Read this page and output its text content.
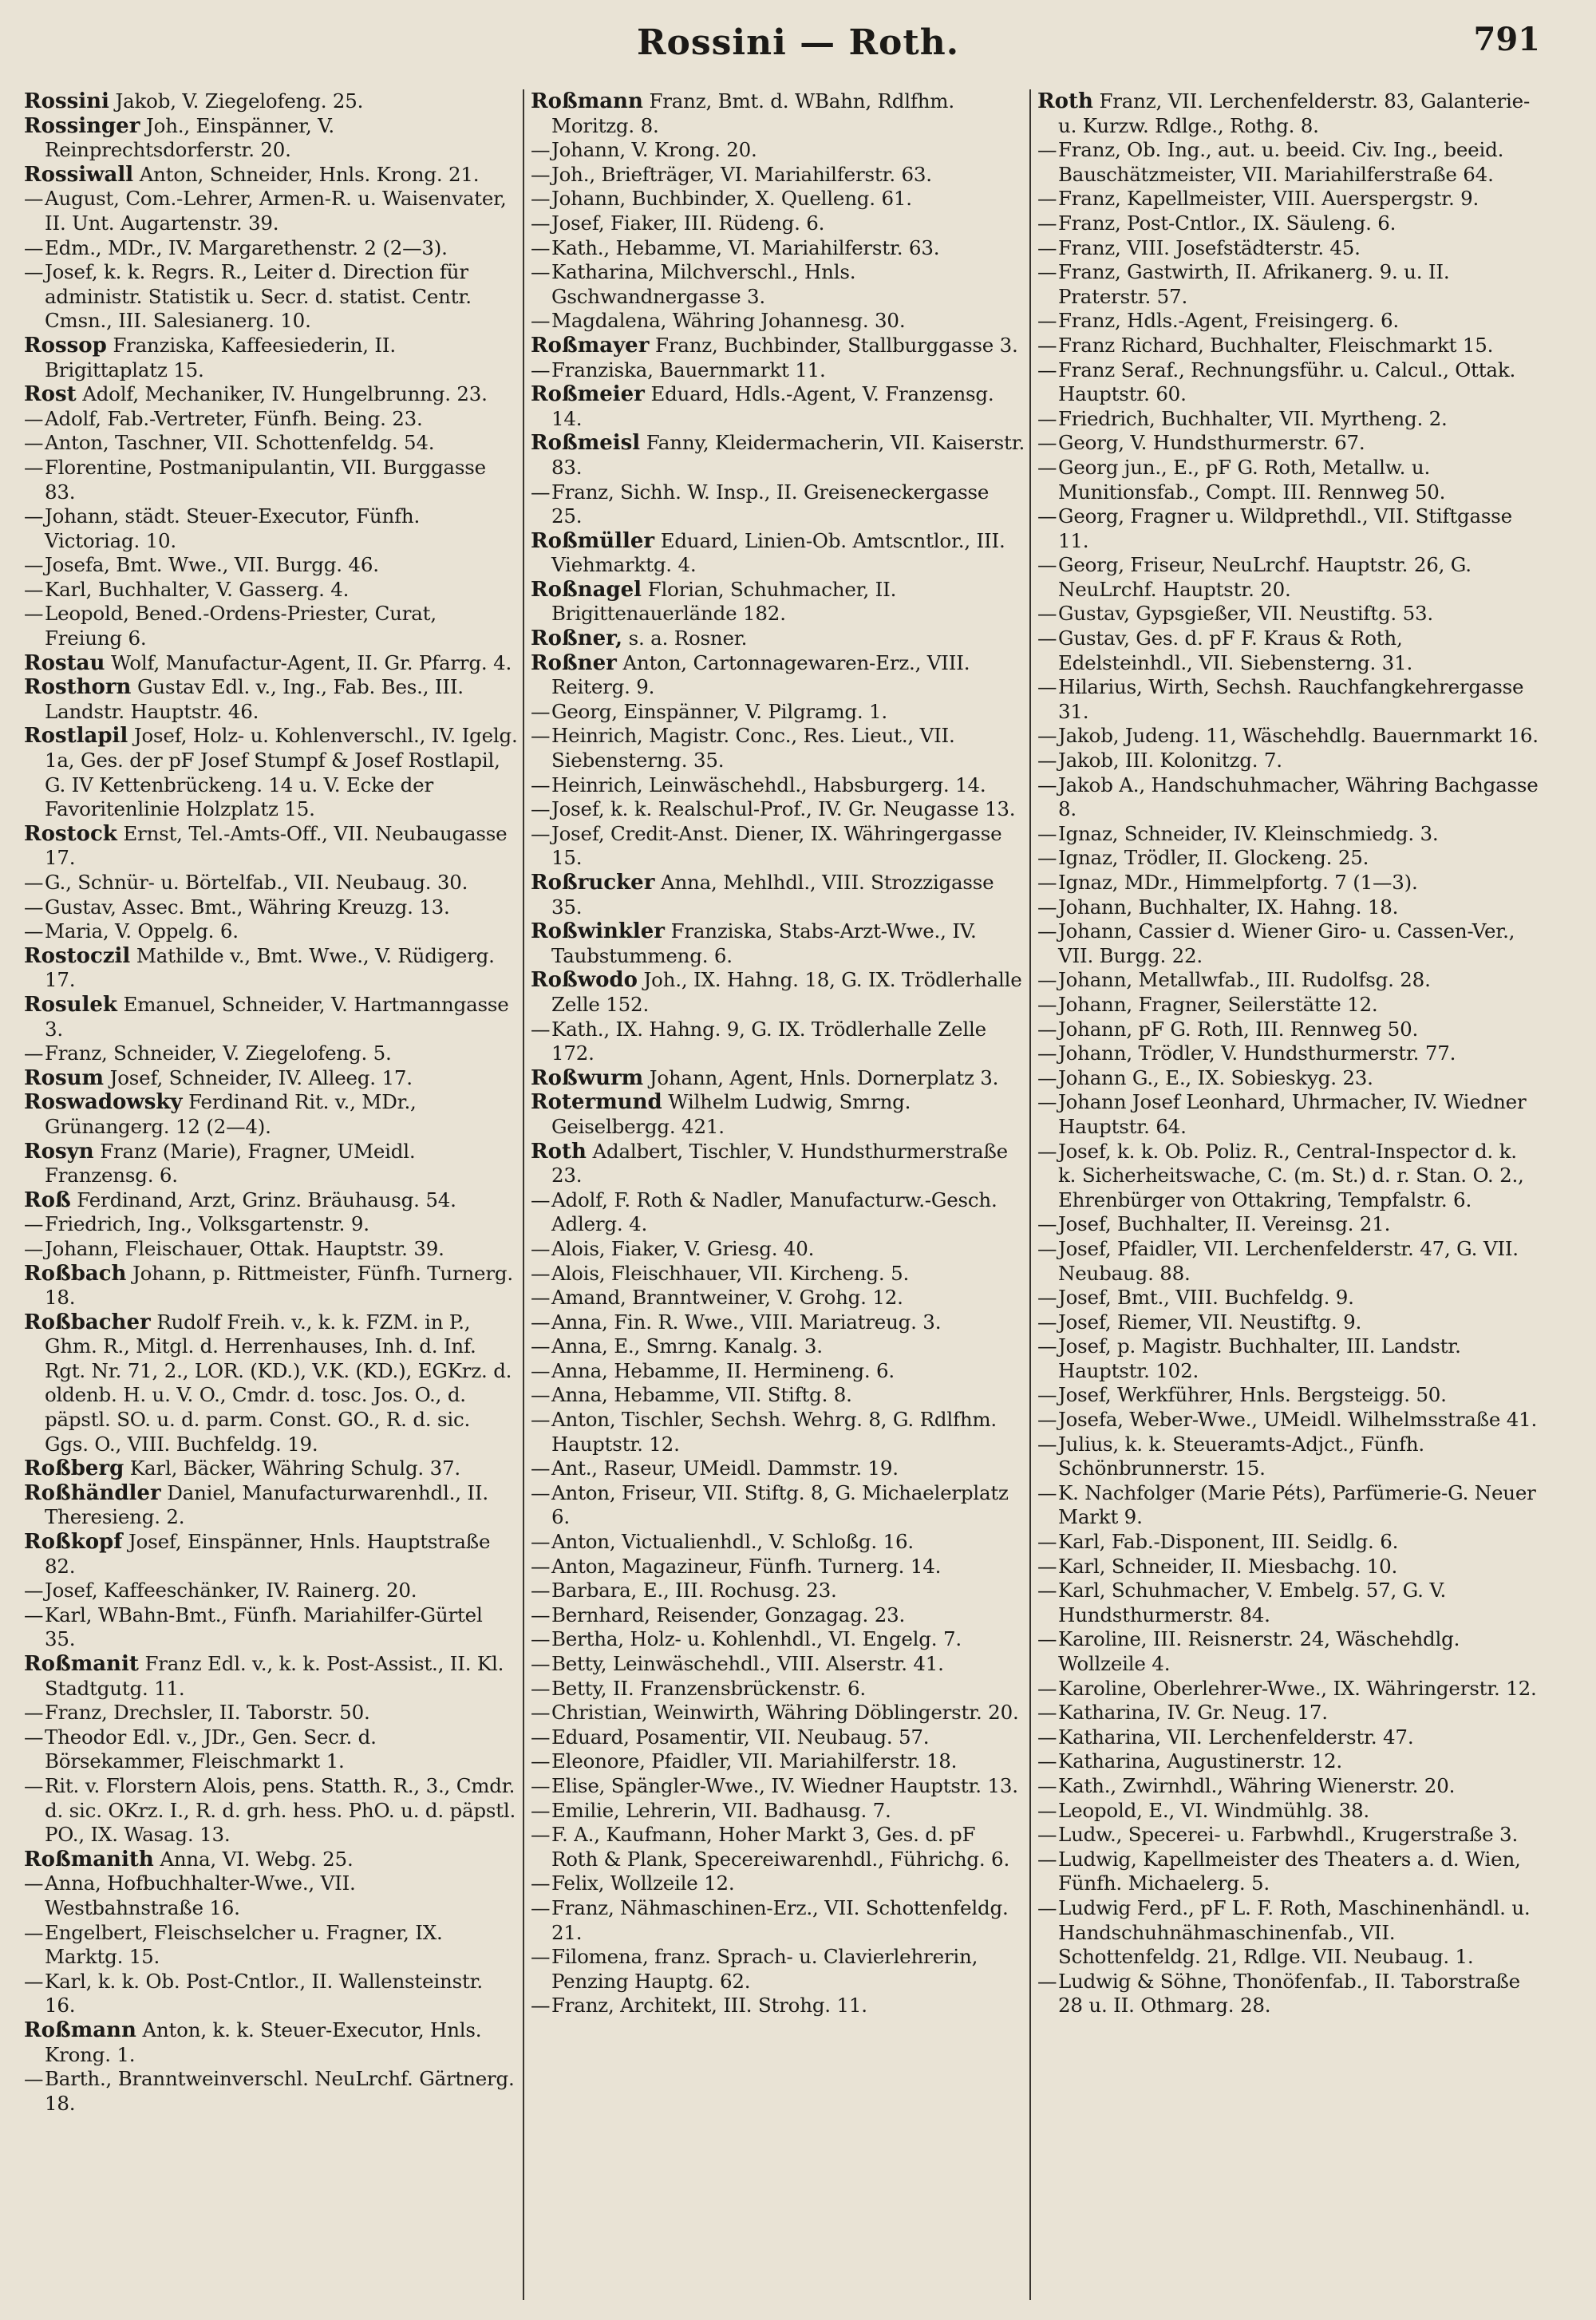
Rossini — Roth.	791

Rossini Jakob, V. Ziegelofeng. 25.

Rossinger Joh., Einspänner, V. Reinprechtsdorferstr. 20.

Rossiwall Anton, Schneider, Hnls. Krong. 21.

—August, Com.-Lehrer, Armen-R. u. Waisenvater, II. Unt. Augartenstr. 39.

—Edm., MDr., IV. Margarethenstr. 2 (2—3).

—Josef, k. k. Regrs. R., Leiter d. Direction für administr. Statistik u. Secr. d. statist. Centr. Cmsn., III. Salesianerg. 10.

Rossop Franziska, Kaffeesiederin, II. Brigittaplatz 15.

Rost Adolf, Mechaniker, IV. Hungelbrunng. 23.

—Adolf, Fab.-Vertreter, Fünfh. Being. 23.

—Anton, Taschner, VII. Schottenfeldg. 54.

—Florentine, Postmanipulantin, VII. Burggasse 83.

—Johann, städt. Steuer-Executor, Fünfh. Victoriag. 10.

—Josefa, Bmt. Wwe., VII. Burgg. 46.

—Karl, Buchhalter, V. Gasserg. 4.

—Leopold, Bened.-Ordens-Priester, Curat, Freiung 6.

Rostau Wolf, Manufactur-Agent, II. Gr. Pfarrg. 4.

Rosthorn Gustav Edl. v., Ing., Fab. Bes., III. Landstr. Hauptstr. 46.

Rostlapil Josef, Holz- u. Kohlenverschl., IV. Igelg. 1a, Ges. der pF Josef Stumpf & Josef Rostlapil, G. IV Kettenbrückeng. 14 u. V. Ecke der Favoritenlinie Holzplatz 15.

Rostock Ernst, Tel.-Amts-Off., VII. Neubaugasse 17.

—G., Schnür- u. Börtelfab., VII. Neubaug. 30.

—Gustav, Assec. Bmt., Währing Kreuzg. 13.

—Maria, V. Oppelg. 6.

Rostoczil Mathilde v., Bmt. Wwe., V. Rüdigerg. 17.

Rosulek Emanuel, Schneider, V. Hartmanngasse 3.

—Franz, Schneider, V. Ziegelofeng. 5.

Rosum Josef, Schneider, IV. Alleeg. 17.

Roswadowsky Ferdinand Rit. v., MDr., Grünangerg. 12 (2—4).

Rosyn Franz (Marie), Fragner, UMeidl. Franzensg. 6.

Roß Ferdinand, Arzt, Grinz. Bräuhausg. 54.

—Friedrich, Ing., Volksgartenstr. 9.

—Johann, Fleischauer, Ottak. Hauptstr. 39.

Roßbach Johann, p. Rittmeister, Fünfh. Turnerg. 18.

Roßbacher Rudolf Freih. v., k. k. FZM. in P., Ghm. R., Mitgl. d. Herrenhauses, Inh. d. Inf. Rgt. Nr. 71, 2., LOR. (KD.), V.K. (KD.), EGKrz. d. oldenb. H. u. V. O., Cmdr. d. tosc. Jos. O., d. päpstl. SO. u. d. parm. Const. GO., R. d. sic. Ggs. O., VIII. Buchfeldg. 19.

Roßberg Karl, Bäcker, Währing Schulg. 37.

Roßhändler Daniel, Manufacturwarenhdl., II. Theresieng. 2.

Roßkopf Josef, Einspänner, Hnls. Hauptstraße 82.

—Josef, Kaffeeschänker, IV. Rainerg. 20.

—Karl, WBahn-Bmt., Fünfh. Mariahilfer-Gürtel 35.

Roßmanit Franz Edl. v., k. k. Post-Assist., II. Kl. Stadtgutg. 11.

—Franz, Drechsler, II. Taborstr. 50.

—Theodor Edl. v., JDr., Gen. Secr. d. Börsekammer, Fleischmarkt 1.

—Rit. v. Florstern Alois, pens. Statth. R., 3., Cmdr. d. sic. OKrz. I., R. d. grh. hess. PhO. u. d. päpstl. PO., IX. Wasag. 13.

Roßmanith Anna, VI. Webg. 25.

—Anna, Hofbuchhalter-Wwe., VII. Westbahnstraße 16.

—Engelbert, Fleischselcher u. Fragner, IX. Marktg. 15.

—Karl, k. k. Ob. Post-Cntlor., II. Wallensteinstr. 16.

Roßmann Anton, k. k. Steuer-Executor, Hnls. Krong. 1.

—Barth., Branntweinverschl. NeuLrchf. Gärtnerg. 18.

Roßmann Franz, Bmt. d. WBahn, Rdlfhm. Moritzg. 8.

—Johann, V. Krong. 20.

—Joh., Briefträger, VI. Mariahilferstr. 63.

—Johann, Buchbinder, X. Quelleng. 61.

—Josef, Fiaker, III. Rüdeng. 6.

—Kath., Hebamme, VI. Mariahilferstr. 63.

—Katharina, Milchverschl., Hnls. Gschwandnergasse 3.

—Magdalena, Währing Johannesg. 30.

Roßmayer Franz, Buchbinder, Stallburggasse 3.

—Franziska, Bauernmarkt 11.

Roßmeier Eduard, Hdls.-Agent, V. Franzensg. 14.

Roßmeisl Fanny, Kleidermacherin, VII. Kaiserstr. 83.

—Franz, Sichh. W. Insp., II. Greiseneckergasse 25.

Roßmüller Eduard, Linien-Ob. Amtscntlor., III. Viehmarktg. 4.

Roßnagel Florian, Schuhmacher, II. Brigittenauerlände 182.

Roßner, s. a. Rosner.

Roßner Anton, Cartonnagewaren-Erz., VIII. Reiterg. 9.

—Georg, Einspänner, V. Pilgramg. 1.

—Heinrich, Magistr. Conc., Res. Lieut., VII. Siebensterng. 35.

—Heinrich, Leinwäschehdl., Habsburgerg. 14.

—Josef, k. k. Realschul-Prof., IV. Gr. Neugasse 13.

—Josef, Credit-Anst. Diener, IX. Währingergasse 15.

Roßrucker Anna, Mehlhdl., VIII. Strozzigasse 35.

Roßwinkler Franziska, Stabs-Arzt-Wwe., IV. Taubstummeng. 6.

Roßwodo Joh., IX. Hahng. 18, G. IX. Trödlerhalle Zelle 152.

—Kath., IX. Hahng. 9, G. IX. Trödlerhalle Zelle 172.

Roßwurm Johann, Agent, Hnls. Dornerplatz 3.

Rotermund Wilhelm Ludwig, Smrng. Geiselbergg. 421.

Roth Adalbert, Tischler, V. Hundsthurmerstraße 23.

—Adolf, F. Roth & Nadler, Manufacturw.-Gesch. Adlerg. 4.

—Alois, Fiaker, V. Griesg. 40.

—Alois, Fleischhauer, VII. Kircheng. 5.

—Amand, Branntweiner, V. Grohg. 12.

—Anna, Fin. R. Wwe., VIII. Mariatreug. 3.

—Anna, E., Smrng. Kanalg. 3.

—Anna, Hebamme, II. Hermineng. 6.

—Anna, Hebamme, VII. Stiftg. 8.

—Anton, Tischler, Sechsh. Wehrg. 8, G. Rdlfhm. Hauptstr. 12.

—Ant., Raseur, UMeidl. Dammstr. 19.

—Anton, Friseur, VII. Stiftg. 8, G. Michaelerplatz 6.

—Anton, Victualienhdl., V. Schloßg. 16.

—Anton, Magazineur, Fünfh. Turnerg. 14.

—Barbara, E., III. Rochusg. 23.

—Bernhard, Reisender, Gonzagag. 23.

—Bertha, Holz- u. Kohlenhdl., VI. Engelg. 7.

—Betty, Leinwäschehdl., VIII. Alserstr. 41.

—Betty, II. Franzensbrückenstr. 6.

—Christian, Weinwirth, Währing Döblingerstr. 20.

—Eduard, Posamentir, VII. Neubaug. 57.

—Eleonore, Pfaidler, VII. Mariahilferstr. 18.

—Elise, Spängler-Wwe., IV. Wiedner Hauptstr. 13.

—Emilie, Lehrerin, VII. Badhausg. 7.

—F. A., Kaufmann, Hoher Markt 3, Ges. d. pF Roth & Plank, Specereiwarenhdl., Führichg. 6.

—Felix, Wollzeile 12.

—Franz, Nähmaschinen-Erz., VII. Schottenfeldg. 21.

—Filomena, franz. Sprach- u. Clavierlehrerin, Penzing Hauptg. 62.

—Franz, Architekt, III. Strohg. 11.

Roth Franz, VII. Lerchenfelderstr. 83, Galanterie- u. Kurzw. Rdlge., Rothg. 8.

—Franz, Ob. Ing., aut. u. beeid. Civ. Ing., beeid. Bauschätzmeister, VII. Mariahilferstraße 64.

—Franz, Kapellmeister, VIII. Auerspergstr. 9.

—Franz, Post-Cntlor., IX. Säuleng. 6.

—Franz, VIII. Josefstädterstr. 45.

—Franz, Gastwirth, II. Afrikanerg. 9. u. II. Praterstr. 57.

—Franz, Hdls.-Agent, Freisingerg. 6.

—Franz Richard, Buchhalter, Fleischmarkt 15.

—Franz Seraf., Rechnungsführ. u. Calcul., Ottak. Hauptstr. 60.

—Friedrich, Buchhalter, VII. Myrtheng. 2.

—Georg, V. Hundsthurmerstr. 67.

—Georg jun., E., pF G. Roth, Metallw. u. Munitionsfab., Compt. III. Rennweg 50.

—Georg, Fragner u. Wildprethdl., VII. Stiftgasse 11.

—Georg, Friseur, NeuLrchf. Hauptstr. 26, G. NeuLrchf. Hauptstr. 20.

—Gustav, Gypsgießer, VII. Neustiftg. 53.

—Gustav, Ges. d. pF F. Kraus & Roth, Edelsteinhdl., VII. Siebensterng. 31.

—Hilarius, Wirth, Sechsh. Rauchfangkehrergasse 31.

—Jakob, Judeng. 11, Wäschehdlg. Bauernmarkt 16.

—Jakob, III. Kolonitzg. 7.

—Jakob A., Handschuhmacher, Währing Bachgasse 8.

—Ignaz, Schneider, IV. Kleinschmiedg. 3.

—Ignaz, Trödler, II. Glockeng. 25.

—Ignaz, MDr., Himmelpfortg. 7 (1—3).

—Johann, Buchhalter, IX. Hahng. 18.

—Johann, Cassier d. Wiener Giro- u. Cassen-Ver., VII. Burgg. 22.

—Johann, Metallwfab., III. Rudolfsg. 28.

—Johann, Fragner, Seilerstätte 12.

—Johann, pF G. Roth, III. Rennweg 50.

—Johann, Trödler, V. Hundsthurmerstr. 77.

—Johann G., E., IX. Sobieskyg. 23.

—Johann Josef Leonhard, Uhrmacher, IV. Wiedner Hauptstr. 64.

—Josef, k. k. Ob. Poliz. R., Central-Inspector d. k. k. Sicherheitswache, C. (m. St.) d. r. Stan. O. 2., Ehrenbürger von Ottakring, Tempfalstr. 6.

—Josef, Buchhalter, II. Vereinsg. 21.

—Josef, Pfaidler, VII. Lerchenfelderstr. 47, G. VII. Neubaug. 88.

—Josef, Bmt., VIII. Buchfeldg. 9.

—Josef, Riemer, VII. Neustiftg. 9.

—Josef, p. Magistr. Buchhalter, III. Landstr. Hauptstr. 102.

—Josef, Werkführer, Hnls. Bergsteigg. 50.

—Josefa, Weber-Wwe., UMeidl. Wilhelmsstraße 41.

—Julius, k. k. Steueramts-Adjct., Fünfh. Schönbrunnerstr. 15.

—K. Nachfolger (Marie Péts), Parfümerie-G. Neuer Markt 9.

—Karl, Fab.-Disponent, III. Seidlg. 6.

—Karl, Schneider, II. Miesbachg. 10.

—Karl, Schuhmacher, V. Embelg. 57, G. V. Hundsthurmerstr. 84.

—Karoline, III. Reisnerstr. 24, Wäschehdlg. Wollzeile 4.

—Karoline, Oberlehrer-Wwe., IX. Währingerstr. 12.

—Katharina, IV. Gr. Neug. 17.

—Katharina, VII. Lerchenfelderstr. 47.

—Katharina, Augustinerstr. 12.

—Kath., Zwirnhdl., Währing Wienerstr. 20.

—Leopold, E., VI. Windmühlg. 38.

—Ludw., Specerei- u. Farbwhdl., Krugerstraße 3.

—Ludwig, Kapellmeister des Theaters a. d. Wien, Fünfh. Michaelerg. 5.

—Ludwig Ferd., pF L. F. Roth, Maschinenhändl. u. Handschuhnähmaschinenfab., VII. Schottenfeldg. 21, Rdlge. VII. Neubaug. 1.

—Ludwig & Söhne, Thonöfenfab., II. Taborstraße 28 u. II. Othmarg. 28.
